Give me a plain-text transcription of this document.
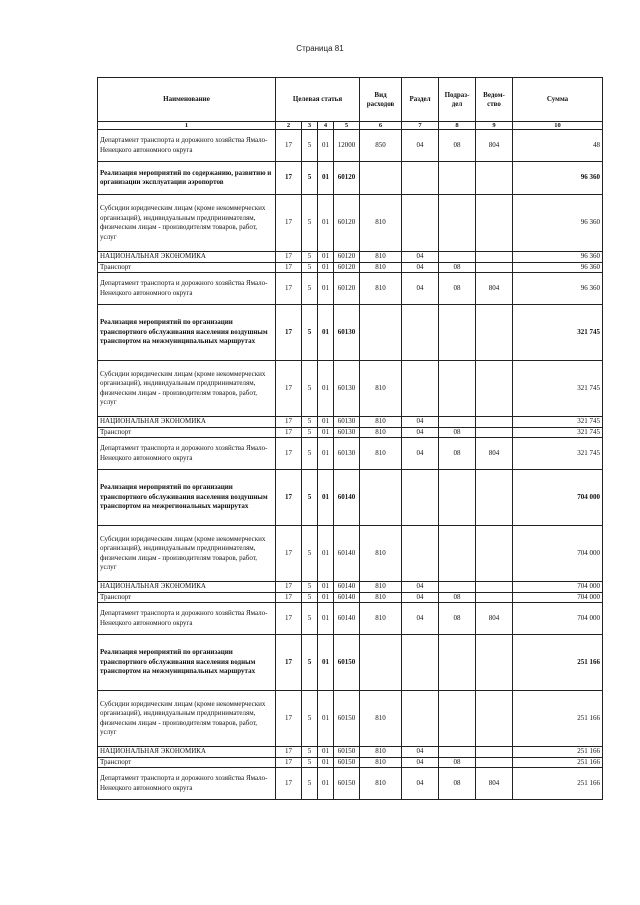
Страница 81
Наименование	Целевая статья				Вид расходов	Раздел	Подраз-дел	Ведом-ство	Сумма
1	2	3	4	5	6	7	8	9	10
Департамент транспорта и дорожного хозяйства Ямало-Ненецкого автономного округа	17	5	01	12000	850	04	08	804	48
Реализация мероприятий по содержанию, развитию и организации эксплуатации аэропортов	17	5	01	60120					96 360
Субсидии юридическим лицам (кроме некоммерческих организаций), индивидуальным предпринимателям, физическим лицам - производителям товаров, работ, услуг	17	5	01	60120	810				96 360
НАЦИОНАЛЬНАЯ ЭКОНОМИКА	17	5	01	60120	810	04			96 360
Транспорт	17	5	01	60120	810	04	08		96 360
Департамент транспорта и дорожного хозяйства Ямало-Ненецкого автономного округа	17	5	01	60120	810	04	08	804	96 360
Реализация мероприятий по организации транспортного обслуживания населения воздушным транспортом на межмуниципальных маршрутах	17	5	01	60130					321 745
Субсидии юридическим лицам (кроме некоммерческих организаций), индивидуальным предпринимателям, физическим лицам - производителям товаров, работ, услуг	17	5	01	60130	810				321 745
НАЦИОНАЛЬНАЯ ЭКОНОМИКА	17	5	01	60130	810	04			321 745
Транспорт	17	5	01	60130	810	04	08		321 745
Департамент транспорта и дорожного хозяйства Ямало-Ненецкого автономного округа	17	5	01	60130	810	04	08	804	321 745
Реализация мероприятий по организации транспортного обслуживания населения воздушным транспортом на межрегиональных маршрутах	17	5	01	60140					704 000
Субсидии юридическим лицам (кроме некоммерческих организаций), индивидуальным предпринимателям, физическим лицам - производителям товаров, работ, услуг	17	5	01	60140	810				704 000
НАЦИОНАЛЬНАЯ ЭКОНОМИКА	17	5	01	60140	810	04			704 000
Транспорт	17	5	01	60140	810	04	08		704 000
Департамент транспорта и дорожного хозяйства Ямало-Ненецкого автономного округа	17	5	01	60140	810	04	08	804	704 000
Реализация мероприятий по организации транспортного обслуживания населения водным транспортом на межмуниципальных маршрутах	17	5	01	60150					251 166
Субсидии юридическим лицам (кроме некоммерческих организаций), индивидуальным предпринимателям, физическим лицам - производителям товаров, работ, услуг	17	5	01	60150	810				251 166
НАЦИОНАЛЬНАЯ ЭКОНОМИКА	17	5	01	60150	810	04			251 166
Транспорт	17	5	01	60150	810	04	08		251 166
Департамент транспорта и дорожного хозяйства Ямало-Ненецкого автономного округа	17	5	01	60150	810	04	08	804	251 166
